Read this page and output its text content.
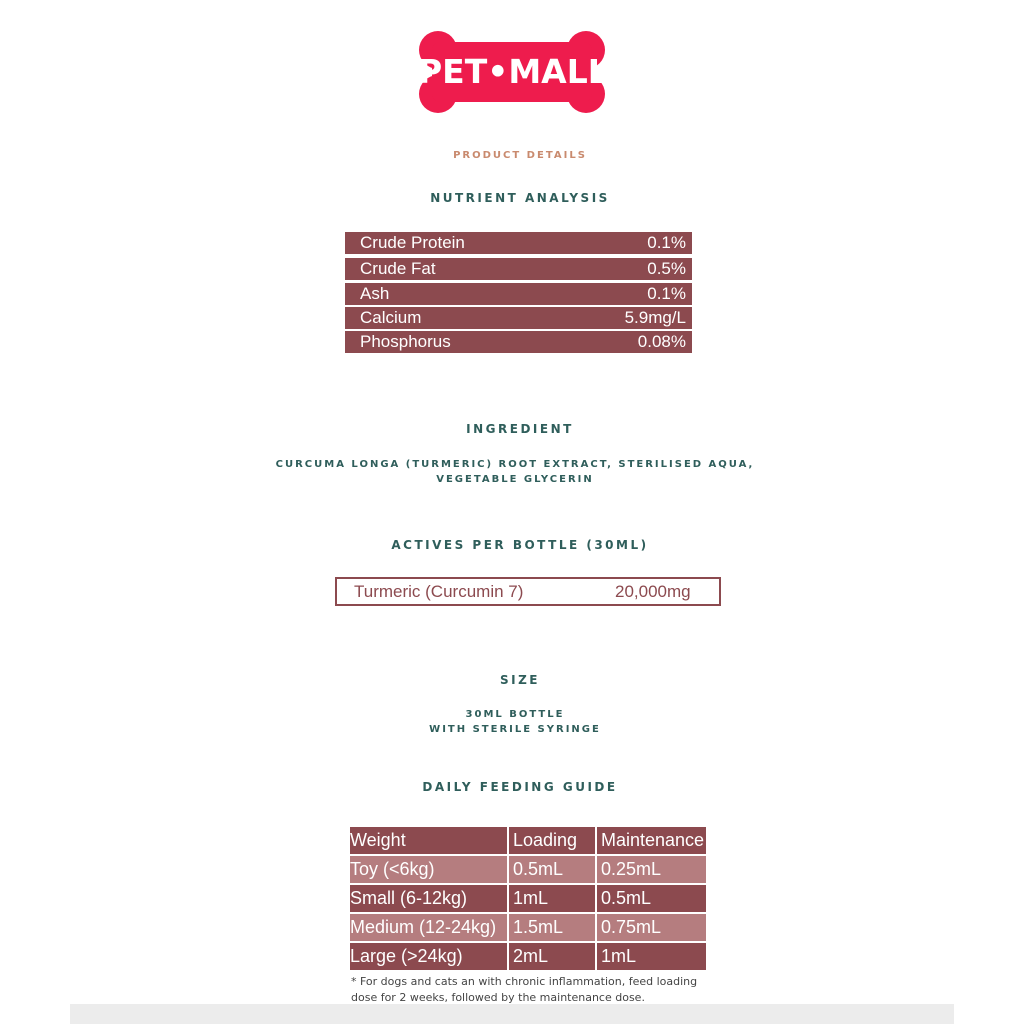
PET•MALL
PRODUCT DETAILS
NUTRIENT ANALYSIS
Crude Protein	0.1%
Crude Fat	0.5%
Ash	0.1%
Calcium	5.9mg/L
Phosphorus	0.08%
INGREDIENT
CURCUMA LONGA (TURMERIC) ROOT EXTRACT, STERILISED AQUA,
VEGETABLE GLYCERIN
ACTIVES PER BOTTLE (30ML)
Turmeric (Curcumin 7)	20,000mg
SIZE
30ML BOTTLE
WITH STERILE SYRINGE
DAILY FEEDING GUIDE
Weight	Loading	Maintenance
Toy (<6kg)	0.5mL	0.25mL
Small (6-12kg)	1mL	0.5mL
Medium (12-24kg)	1.5mL	0.75mL
Large (>24kg)	2mL	1mL
* For dogs and cats an with chronic inflammation, feed loading
dose for 2 weeks, followed by the maintenance dose.
